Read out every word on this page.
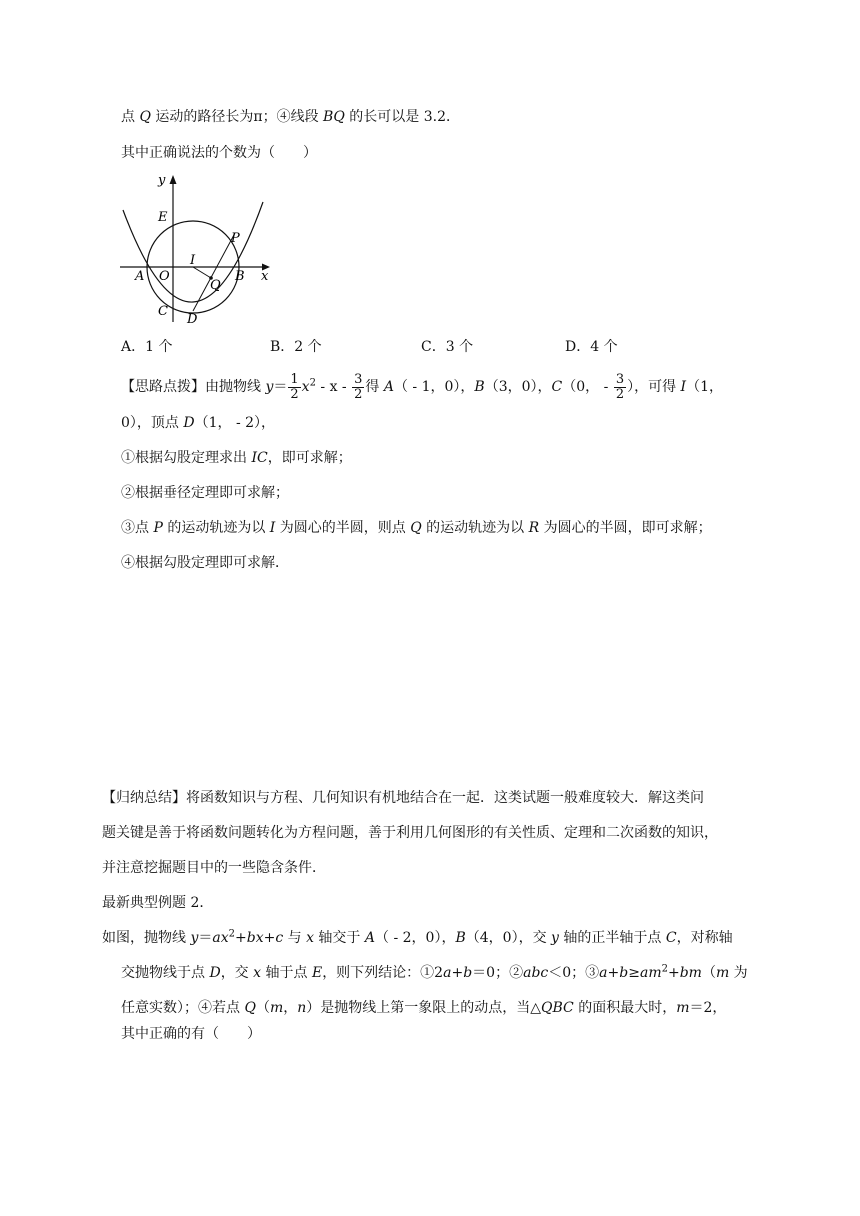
点 Q 运动的路径长为π；④线段 BQ 的长可以是 3.2．
其中正确说法的个数为（　　）
y
x
E
P
I
A O	B
Q
C
D
A．1 个	B．2 个	C．3 个	D．4 个
【思路点拨】由抛物线 $y= \frac{1}{2} x^2 - x - \frac{3}{2}$ 得 A（ - 1，0），B（3，0），C（0， - $\frac{3}{2}$ ），可得 I（1，
0），顶点 D（1， - 2），
①根据勾股定理求出 IC，即可求解；
②根据垂径定理即可求解；
③点 P 的运动轨迹为以 I 为圆心的半圆，则点 Q 的运动轨迹为以 R 为圆心的半圆，即可求解；
④根据勾股定理即可求解．
【归纳总结】将函数知识与方程、几何知识有机地结合在一起．这类试题一般难度较大．解这类问
题关键是善于将函数问题转化为方程问题，善于利用几何图形的有关性质、定理和二次函数的知识，
并注意挖掘题目中的一些隐含条件．
最新典型例题 2．
如图，抛物线 $y=ax^2+bx+c$ 与 x 轴交于 A（ - 2，0），B（4，0），交 y 轴的正半轴于点 C，对称轴
交抛物线于点 D，交 x 轴于点 E，则下列结论：①2a+b＝0；②abc＜0；$③a+b\ge am^2+bm(m$ 为
任意实数）；④若点 Q（m，n）是抛物线上第一象限上的动点，当△QBC 的面积最大时，m＝2，
其中正确的有（　　）
